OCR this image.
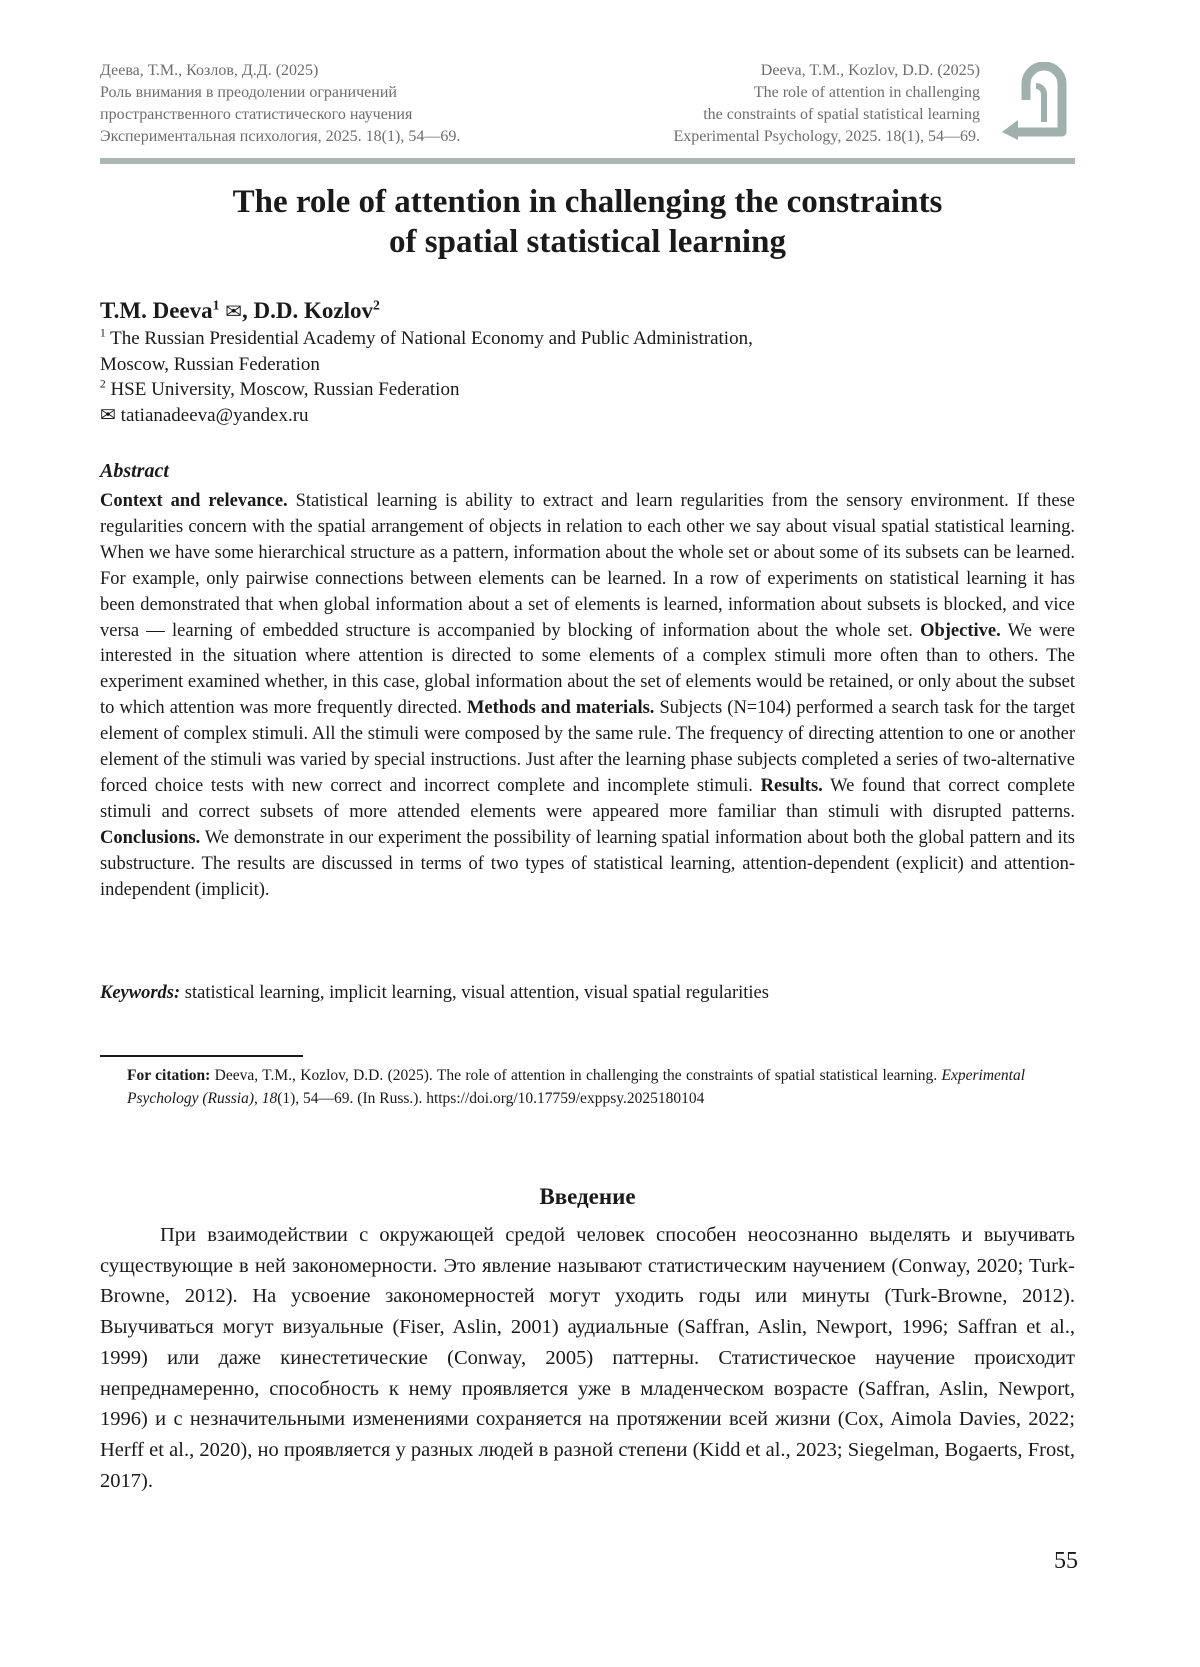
Деева, Т.М., Козлов, Д.Д. (2025)
Роль внимания в преодолении ограничений
пространственного статистического научения
Экспериментальная психология, 2025. 18(1), 54—69.
Deeva, T.M., Kozlov, D.D. (2025)
The role of attention in challenging
the constraints of spatial statistical learning
Experimental Psychology, 2025. 18(1), 54—69.
The role of attention in challenging the constraints
of spatial statistical learning
T.M. Deeva$^1$ ✉, D.D. Kozlov$^2$
$^1$ The Russian Presidential Academy of National Economy and Public Administration,
Moscow, Russian Federation
$^2$ HSE University, Moscow, Russian Federation
✉ tatianadeeva@yandex.ru
Abstract
Context and relevance. Statistical learning is ability to extract and learn regularities from the sensory environment. If these regularities concern with the spatial arrangement of objects in relation to each other we say about visual spatial statistical learning. When we have some hierarchical structure as a pattern, information about the whole set or about some of its subsets can be learned. For example, only pairwise connections between elements can be learned. In a row of experiments on statistical learning it has been demonstrated that when global information about a set of elements is learned, information about subsets is blocked, and vice versa — learning of embedded structure is accompanied by blocking of information about the whole set. Objective. We were interested in the situation where attention is directed to some elements of a complex stimuli more often than to others. The experiment examined whether, in this case, global information about the set of elements would be retained, or only about the subset to which attention was more frequently directed. Methods and materials. Subjects (N=104) performed a search task for the target element of complex stimuli. All the stimuli were composed by the same rule. The frequency of directing attention to one or another element of the stimuli was varied by special instructions. Just after the learning phase subjects completed a series of two-alternative forced choice tests with new correct and incorrect complete and incomplete stimuli. Results. We found that correct complete stimuli and correct subsets of more attended elements were appeared more familiar than stimuli with disrupted patterns. Conclusions. We demonstrate in our experiment the possibility of learning spatial information about both the global pattern and its substructure. The results are discussed in terms of two types of statistical learning, attention-dependent (explicit) and attention-independent (implicit).
Keywords: statistical learning, implicit learning, visual attention, visual spatial regularities
For citation: Deeva, T.M., Kozlov, D.D. (2025). The role of attention in challenging the constraints of spatial statistical learning. Experimental Psychology (Russia), 18(1), 54—69. (In Russ.). https://doi.org/10.17759/exppsy.2025180104
Введение
При взаимодействии с окружающей средой человек способен неосознанно выделять и выучивать существующие в ней закономерности. Это явление называют статистическим научением (Conway, 2020; Turk-Browne, 2012). На усвоение закономерностей могут уходить годы или минуты (Turk-Browne, 2012). Выучиваться могут визуальные (Fiser, Aslin, 2001) аудиальные (Saffran, Aslin, Newport, 1996; Saffran et al., 1999) или даже кинестетические (Conway, 2005) паттерны. Статистическое научение происходит непреднамеренно, способность к нему проявляется уже в младенческом возрасте (Saffran, Aslin, Newport, 1996) и с незначительными изменениями сохраняется на протяжении всей жизни (Cox, Aimola Davies, 2022; Herff et al., 2020), но проявляется у разных людей в разной степени (Kidd et al., 2023; Siegelman, Bogaerts, Frost, 2017).
55
